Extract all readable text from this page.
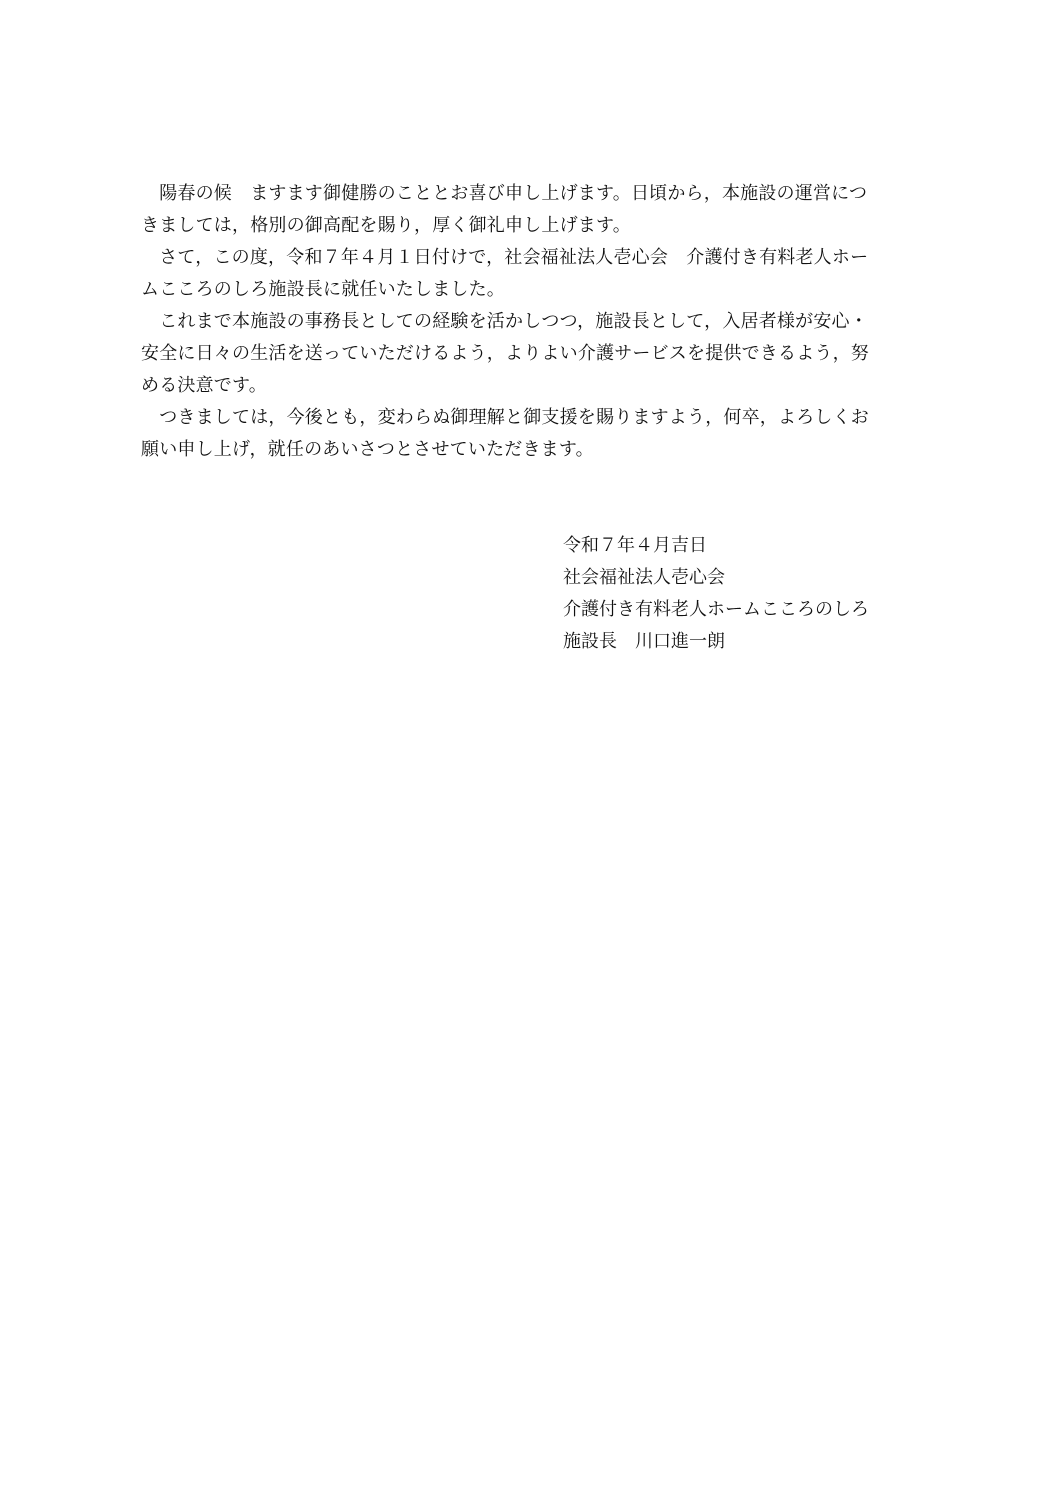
　陽春の候　ますます御健勝のこととお喜び申し上げます。日頃から，本施設の運営につ
きましては，格別の御高配を賜り，厚く御礼申し上げます。
　さて，この度，令和７年４月１日付けで，社会福祉法人壱心会　介護付き有料老人ホー
ムこころのしろ施設長に就任いたしました。
　これまで本施設の事務長としての経験を活かしつつ，施設長として，入居者様が安心・
安全に日々の生活を送っていただけるよう，よりよい介護サービスを提供できるよう，努
める決意です。
　つきましては，今後とも，変わらぬ御理解と御支援を賜りますよう，何卒，よろしくお
願い申し上げ，就任のあいさつとさせていただきます。
令和７年４月吉日
社会福祉法人壱心会
介護付き有料老人ホームこころのしろ
施設長　川口進一朗
